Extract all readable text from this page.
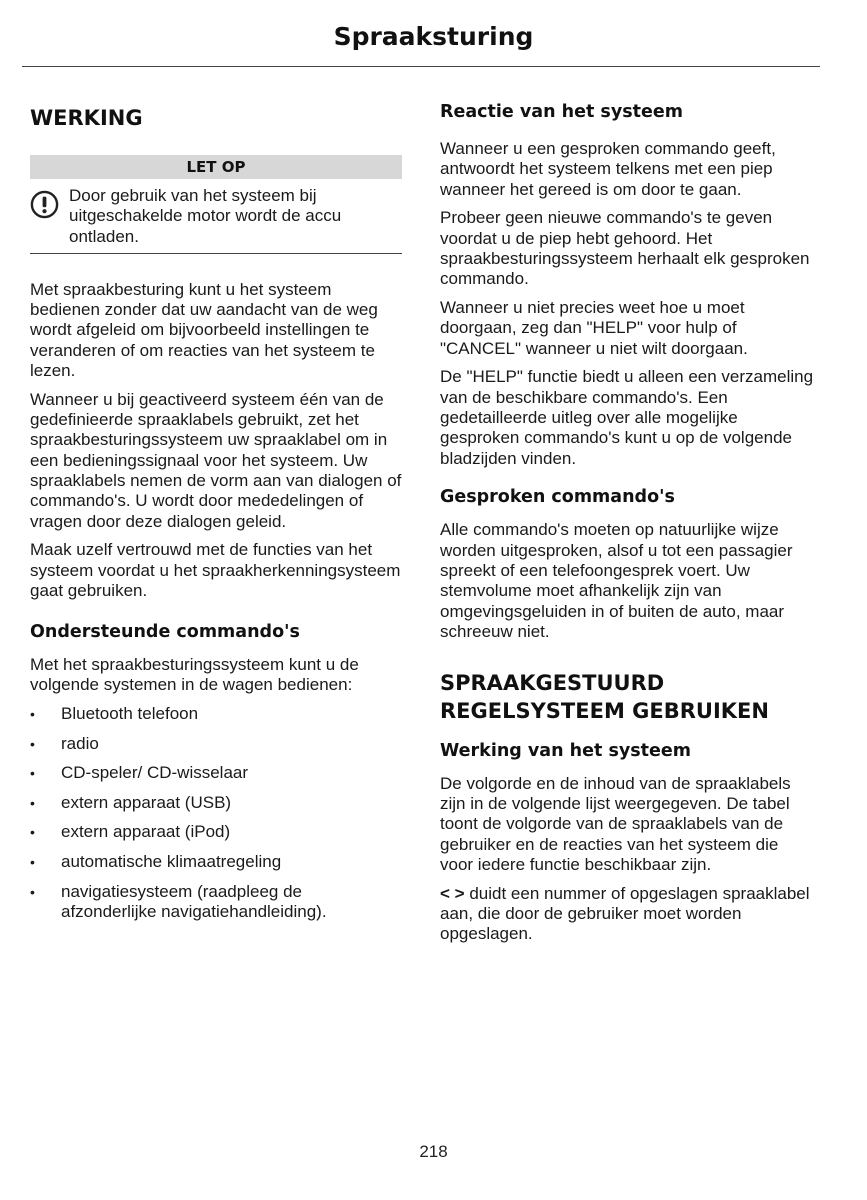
Spraaksturing
WERKING
LET OP

Door gebruik van het systeem bij uitgeschakelde motor wordt de accu ontladen.

Met spraakbesturing kunt u het systeem bedienen zonder dat uw aandacht van de weg wordt afgeleid om bijvoorbeeld instellingen te veranderen of om reacties van het systeem te lezen.

Wanneer u bij geactiveerd systeem één van de gedefinieerde spraaklabels gebruikt, zet het spraakbesturingssysteem uw spraaklabel om in een bedieningssignaal voor het systeem. Uw spraaklabels nemen de vorm aan van dialogen of commando's. U wordt door mededelingen of vragen door deze dialogen geleid.

Maak uzelf vertrouwd met de functies van het systeem voordat u het spraakherkenningsysteem gaat gebruiken.

Ondersteunde commando's

Met het spraakbesturingssysteem kunt u de volgende systemen in de wagen bedienen:

• Bluetooth telefoon
• radio
• CD-speler/ CD-wisselaar
• extern apparaat (USB)
• extern apparaat (iPod)
• automatische klimaatregeling
• navigatiesysteem (raadpleeg de afzonderlijke navigatiehandleiding).
Reactie van het systeem

Wanneer u een gesproken commando geeft, antwoordt het systeem telkens met een piep wanneer het gereed is om door te gaan.

Probeer geen nieuwe commando's te geven voordat u de piep hebt gehoord. Het spraakbesturingssysteem herhaalt elk gesproken commando.

Wanneer u niet precies weet hoe u moet doorgaan, zeg dan "HELP" voor hulp of "CANCEL" wanneer u niet wilt doorgaan.

De "HELP" functie biedt u alleen een verzameling van de beschikbare commando's. Een gedetailleerde uitleg over alle mogelijke gesproken commando's kunt u op de volgende bladzijden vinden.

Gesproken commando's

Alle commando's moeten op natuurlijke wijze worden uitgesproken, alsof u tot een passagier spreekt of een telefoongesprek voert. Uw stemvolume moet afhankelijk zijn van omgevingsgeluiden in of buiten de auto, maar schreeuw niet.

SPRAAKGESTUURD
REGELSYSTEEM GEBRUIKEN
Werking van het systeem

De volgorde en de inhoud van de spraaklabels zijn in de volgende lijst weergegeven. De tabel toont de volgorde van de spraaklabels van de gebruiker en de reacties van het systeem die voor iedere functie beschikbaar zijn.

< > duidt een nummer of opgeslagen spraaklabel aan, die door de gebruiker moet worden opgeslagen.

218
